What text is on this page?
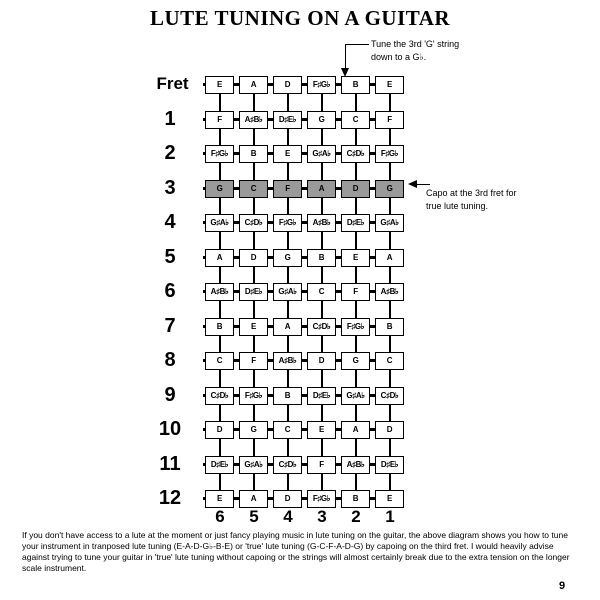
LUTE TUNING ON A GUITAR
Tune the 3rd 'G' string down to a G♭.
Capo at the 3rd fret for true lute tuning.
Fret	E	A	D	F♯G♭	B	E
1	F	A♯B♭	D♯E♭	G	C	F
2	F♯G♭	B	E	G♯A♭	C♯D♭	F♯G♭
3	G	C	F	A	D	G
4	G♯A♭	C♯D♭	F♯G♭	A♯B♭	D♯E♭	G♯A♭
5	A	D	G	B	E	A
6	A♯B♭	D♯E♭	G♯A♭	C	F	A♯B♭
7	B	E	A	C♯D♭	F♯G♭	B
8	C	F	A♯B♭	D	G	C
9	C♯D♭	F♯G♭	B	D♯E♭	G♯A♭	C♯D♭
10	D	G	C	E	A	D
11	D♯E♭	G♯A♭	C♯D♭	F	A♯B♭	D♯E♭
12	E	A	D	F♯G♭	B	E
6	5	4	3	2	1
If you don't have access to a lute at the moment or just fancy playing music in lute tuning on the guitar, the above diagram shows you how to tune your instrument in tranposed lute tuning (E-A-D-G♭-B-E) or 'true' lute tuning (G-C-F-A-D-G) by capoing on the third fret. I would heavily advise against trying to tune your guitar in 'true' lute tuning without capoing or the strings will almost certainly break due to the extra tension on the longer scale instrument.
9
